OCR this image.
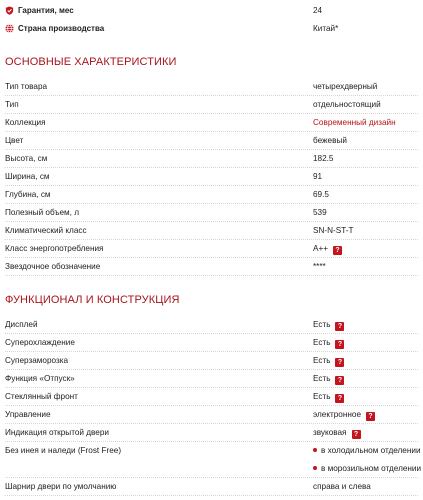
Гарантия, мес	24
Страна производства	Китай*
ОСНОВНЫЕ ХАРАКТЕРИСТИКИ
Тип товара	четырехдверный
Тип	отдельностоящий
Коллекция	Современный дизайн
Цвет	бежевый
Высота, см	182.5
Ширина, см	91
Глубина, см	69.5
Полезный объем, л	539
Климатический класс	SN-N-ST-T
Класс энергопотребления	A++ ?
Звездочное обозначение	****
ФУНКЦИОНАЛ И КОНСТРУКЦИЯ
Дисплей	Есть ?
Суперохлаждение	Есть ?
Суперзаморозка	Есть ?
Функция «Отпуск»	Есть ?
Стеклянный фронт	Есть ?
Управление	электронное ?
Индикация открытой двери	звуковая ?
Без инея и наледи (Frost Free)	в холодильном отделении
в морозильном отделении
Шарнир двери по умолчанию	справа и слева
